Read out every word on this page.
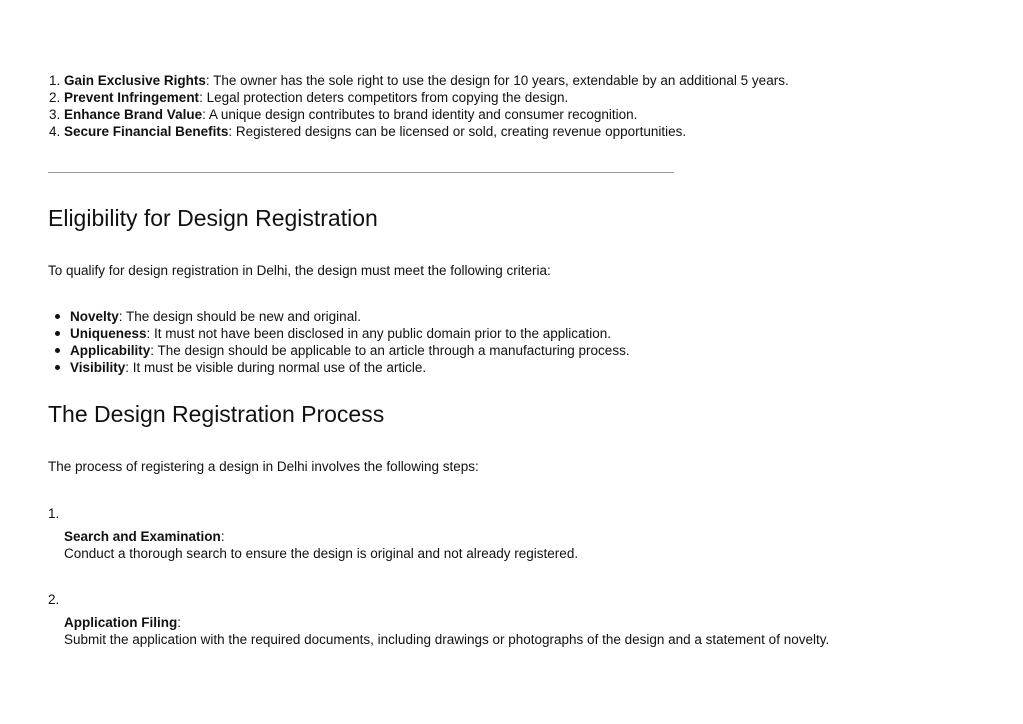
1. Gain Exclusive Rights: The owner has the sole right to use the design for 10 years, extendable by an additional 5 years.
2. Prevent Infringement: Legal protection deters competitors from copying the design.
3. Enhance Brand Value: A unique design contributes to brand identity and consumer recognition.
4. Secure Financial Benefits: Registered designs can be licensed or sold, creating revenue opportunities.
Eligibility for Design Registration

To qualify for design registration in Delhi, the design must meet the following criteria:

Novelty: The design should be new and original.
Uniqueness: It must not have been disclosed in any public domain prior to the application.
Applicability: The design should be applicable to an article through a manufacturing process.
Visibility: It must be visible during normal use of the article.
The Design Registration Process

The process of registering a design in Delhi involves the following steps:

1.
Search and Examination:
Conduct a thorough search to ensure the design is original and not already registered.
2.
Application Filing:
Submit the application with the required documents, including drawings or photographs of the design and a statement of novelty.
